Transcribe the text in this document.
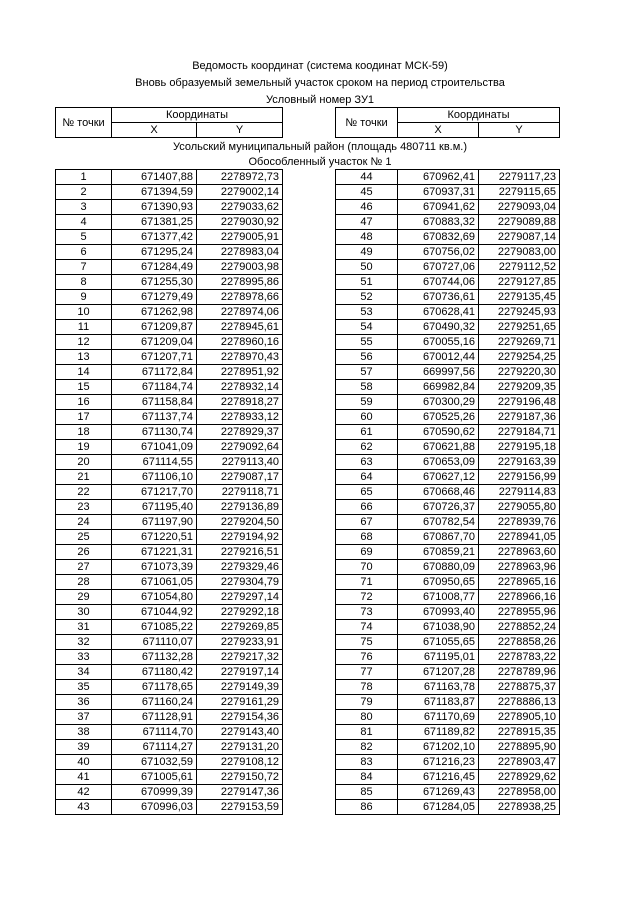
Ведомость координат (система коодинат МСК-59)
Вновь образуемый земельный участок сроком на период строительства
Условный номер ЗУ1
№ точки	Координаты	
	X	Y
№ точки	Координаты	
	X	Y
Усольский муниципальный район (площадь 480711 кв.м.)
Обособленный участок № 1
1	671407,88	2278972,73
2	671394,59	2279002,14
3	671390,93	2279033,62
4	671381,25	2279030,92
5	671377,42	2279005,91
6	671295,24	2278983,04
7	671284,49	2279003,98
8	671255,30	2278995,86
9	671279,49	2278978,66
10	671262,98	2278974,06
11	671209,87	2278945,61
12	671209,04	2278960,16
13	671207,71	2278970,43
14	671172,84	2278951,92
15	671184,74	2278932,14
16	671158,84	2278918,27
17	671137,74	2278933,12
18	671130,74	2278929,37
19	671041,09	2279092,64
20	671114,55	2279113,40
21	671106,10	2279087,17
22	671217,70	2279118,71
23	671195,40	2279136,89
24	671197,90	2279204,50
25	671220,51	2279194,92
26	671221,31	2279216,51
27	671073,39	2279329,46
28	671061,05	2279304,79
29	671054,80	2279297,14
30	671044,92	2279292,18
31	671085,22	2279269,85
32	671110,07	2279233,91
33	671132,28	2279217,32
34	671180,42	2279197,14
35	671178,65	2279149,39
36	671160,24	2279161,29
37	671128,91	2279154,36
38	671114,70	2279143,40
39	671114,27	2279131,20
40	671032,59	2279108,12
41	671005,61	2279150,72
42	670999,39	2279147,36
43	670996,03	2279153,59
44	670962,41	2279117,23
45	670937,31	2279115,65
46	670941,62	2279093,04
47	670883,32	2279089,88
48	670832,69	2279087,14
49	670756,02	2279083,00
50	670727,06	2279112,52
51	670744,06	2279127,85
52	670736,61	2279135,45
53	670628,41	2279245,93
54	670490,32	2279251,65
55	670055,16	2279269,71
56	670012,44	2279254,25
57	669997,56	2279220,30
58	669982,84	2279209,35
59	670300,29	2279196,48
60	670525,26	2279187,36
61	670590,62	2279184,71
62	670621,88	2279195,18
63	670653,09	2279163,39
64	670627,12	2279156,99
65	670668,46	2279114,83
66	670726,37	2279055,80
67	670782,54	2278939,76
68	670867,70	2278941,05
69	670859,21	2278963,60
70	670880,09	2278963,96
71	670950,65	2278965,16
72	671008,77	2278966,16
73	670993,40	2278955,96
74	671038,90	2278852,24
75	671055,65	2278858,26
76	671195,01	2278783,22
77	671207,28	2278789,96
78	671163,78	2278875,37
79	671183,87	2278886,13
80	671170,69	2278905,10
81	671189,82	2278915,35
82	671202,10	2278895,90
83	671216,23	2278903,47
84	671216,45	2278929,62
85	671269,43	2278958,00
86	671284,05	2278938,25
